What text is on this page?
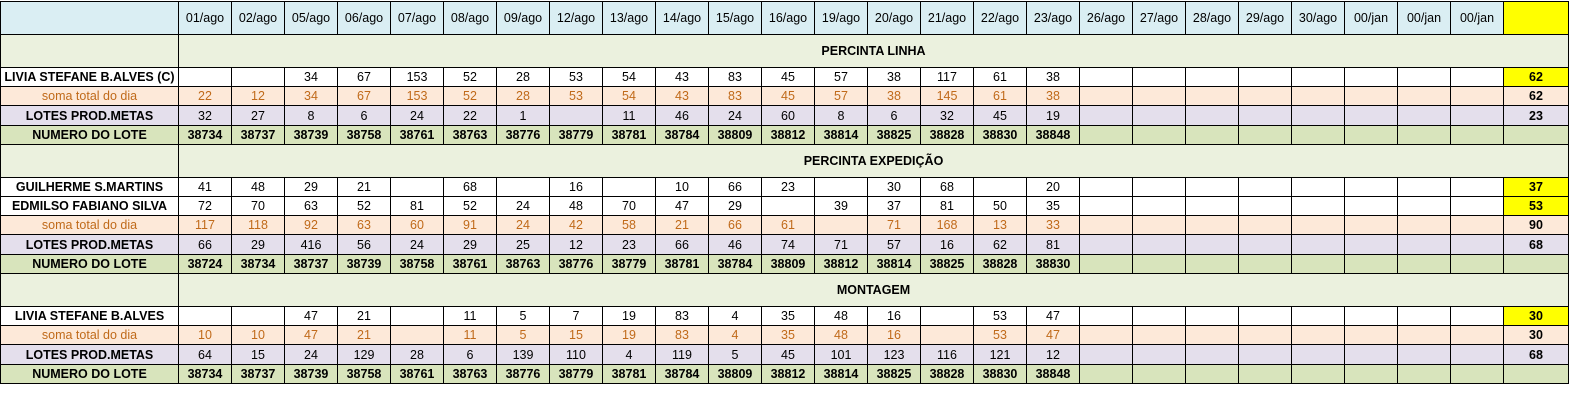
	01/ago	02/ago	05/ago	06/ago	07/ago	08/ago	09/ago	12/ago	13/ago	14/ago	15/ago	16/ago	19/ago	20/ago	21/ago	22/ago	23/ago	26/ago	27/ago	28/ago	29/ago	30/ago	00/jan	00/jan	00/jan	
	PERCINTA LINHA																									
LIVIA STEFANE B.ALVES (C)			34	67	153	52	28	53	54	43	83	45	57	38	117	61	38									62
soma total do dia	22	12	34	67	153	52	28	53	54	43	83	45	57	38	145	61	38									62
LOTES PROD.METAS	32	27	8	6	24	22	1		11	46	24	60	8	6	32	45	19									23
NUMERO DO LOTE	38734	38737	38739	38758	38761	38763	38776	38779	38781	38784	38809	38812	38814	38825	38828	38830	38848									
	PERCINTA EXPEDIÇÃO																									
GUILHERME S.MARTINS	41	48	29	21		68		16		10	66	23		30	68		20									37
EDMILSO FABIANO SILVA	72	70	63	52	81	52	24	48	70	47	29		39	37	81	50	35									53
soma total do dia	117	118	92	63	60	91	24	42	58	21	66	61		71	168	13	33									90
LOTES PROD.METAS	66	29	416	56	24	29	25	12	23	66	46	74	71	57	16	62	81									68
NUMERO DO LOTE	38724	38734	38737	38739	38758	38761	38763	38776	38779	38781	38784	38809	38812	38814	38825	38828	38830									
	MONTAGEM																									
LIVIA STEFANE B.ALVES			47	21		11	5	7	19	83	4	35	48	16		53	47									30
soma total do dia	10	10	47	21		11	5	15	19	83	4	35	48	16		53	47									30
LOTES PROD.METAS	64	15	24	129	28	6	139	110	4	119	5	45	101	123	116	121	12									68
NUMERO DO LOTE	38734	38737	38739	38758	38761	38763	38776	38779	38781	38784	38809	38812	38814	38825	38828	38830	38848									
